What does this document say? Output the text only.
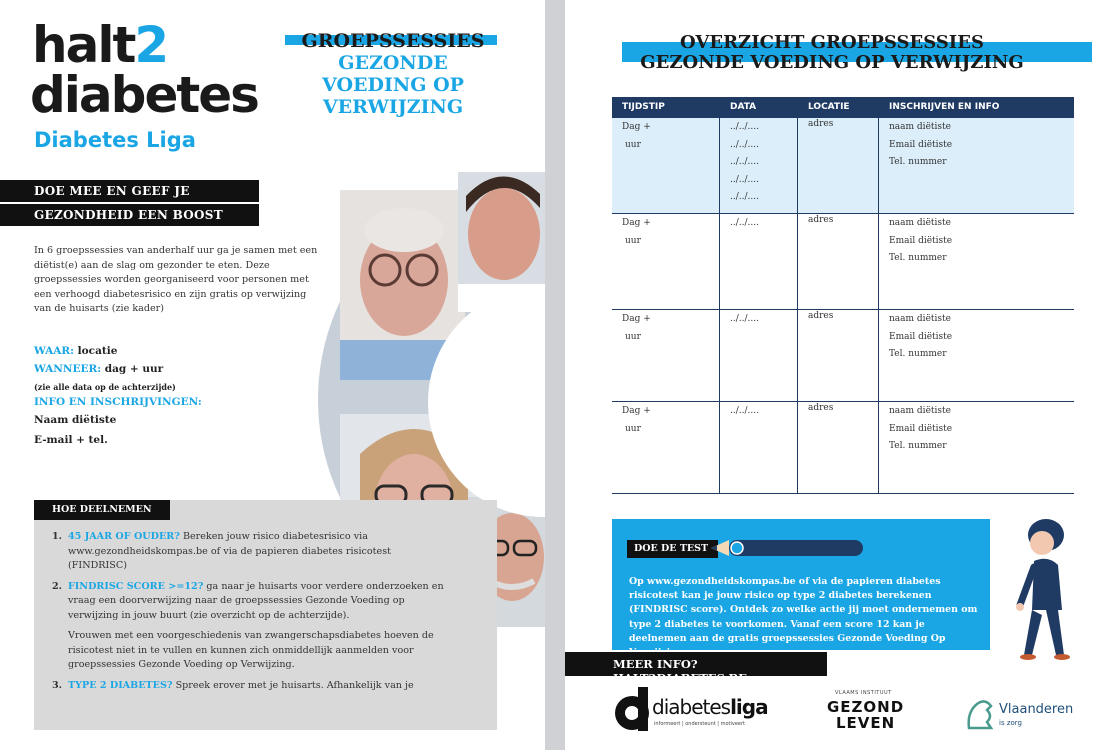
halt2
diabetes
Diabetes Liga
GROEPSSESSIES
GEZONDE
VOEDING OP
VERWIJZING
DOE MEE EN GEEF JE
GEZONDHEID EEN BOOST
In 6 groepssessies van anderhalf uur ga je samen met een diëtist(e) aan de slag om gezonder te eten. Deze groepssessies worden georganiseerd voor personen met een verhoogd diabetesrisico en zijn gratis op verwijzing van de huisarts (zie kader)
WAAR: locatie
WANNEER: dag + uur
(zie alle data op de achterzijde)
INFO EN INSCHRIJVINGEN:
Naam diëtiste
E-mail + tel.
HOE DEELNEMEN
1. 45 JAAR OF OUDER? Bereken jouw risico diabetesrisico via www.gezondheidskompas.be of via de papieren diabetes risicotest (FINDRISC)
2. FINDRISC SCORE >=12? ga naar je huisarts voor verdere onderzoeken en vraag een doorverwijzing naar de groepssessies Gezonde Voeding op verwijzing in jouw buurt (zie overzicht op de achterzijde).
Vrouwen met een voorgeschiedenis van zwangerschapsdiabetes hoeven de risicotest niet in te vullen en kunnen zich onmiddellijk aanmelden voor groepssessies Gezonde Voeding op Verwijzing.
3. TYPE 2 DIABETES? Spreek erover met je huisarts. Afhankelijk van je
OVERZICHT GROEPSSESSIES
GEZONDE VOEDING OP VERWIJZING
TIJDSTIP	DATA	LOCATIE	INSCHRIJVEN EN INFO
Dag +
uur
../../....
../../....
../../....
../../....
../../....
adres	naam diëtiste
Email diëtiste
Tel. nummer
Dag +
uur
../../....	adres	naam diëtiste
Email diëtiste
Tel. nummer
Dag +
uur
../../....	adres	naam diëtiste
Email diëtiste
Tel. nummer
Dag +
uur
../../....	adres	naam diëtiste
Email diëtiste
Tel. nummer
DOE DE TEST
Op www.gezondheidskompas.be of via de papieren diabetes risicotest kan je jouw risico op type 2 diabetes berekenen (FINDRISC score). Ontdek zo welke actie jij moet ondernemen om type 2 diabetes te voorkomen. Vanaf een score 12 kan je deelnemen aan de gratis groepssessies Gezonde Voeding Op
MEER INFO? HALT2DIABETES.BE
diabetesliga
informeert | ondersteunt | motiveert
VLAAMS INSTITUUT
GEZOND
LEVEN
Vlaanderen
is zorg
